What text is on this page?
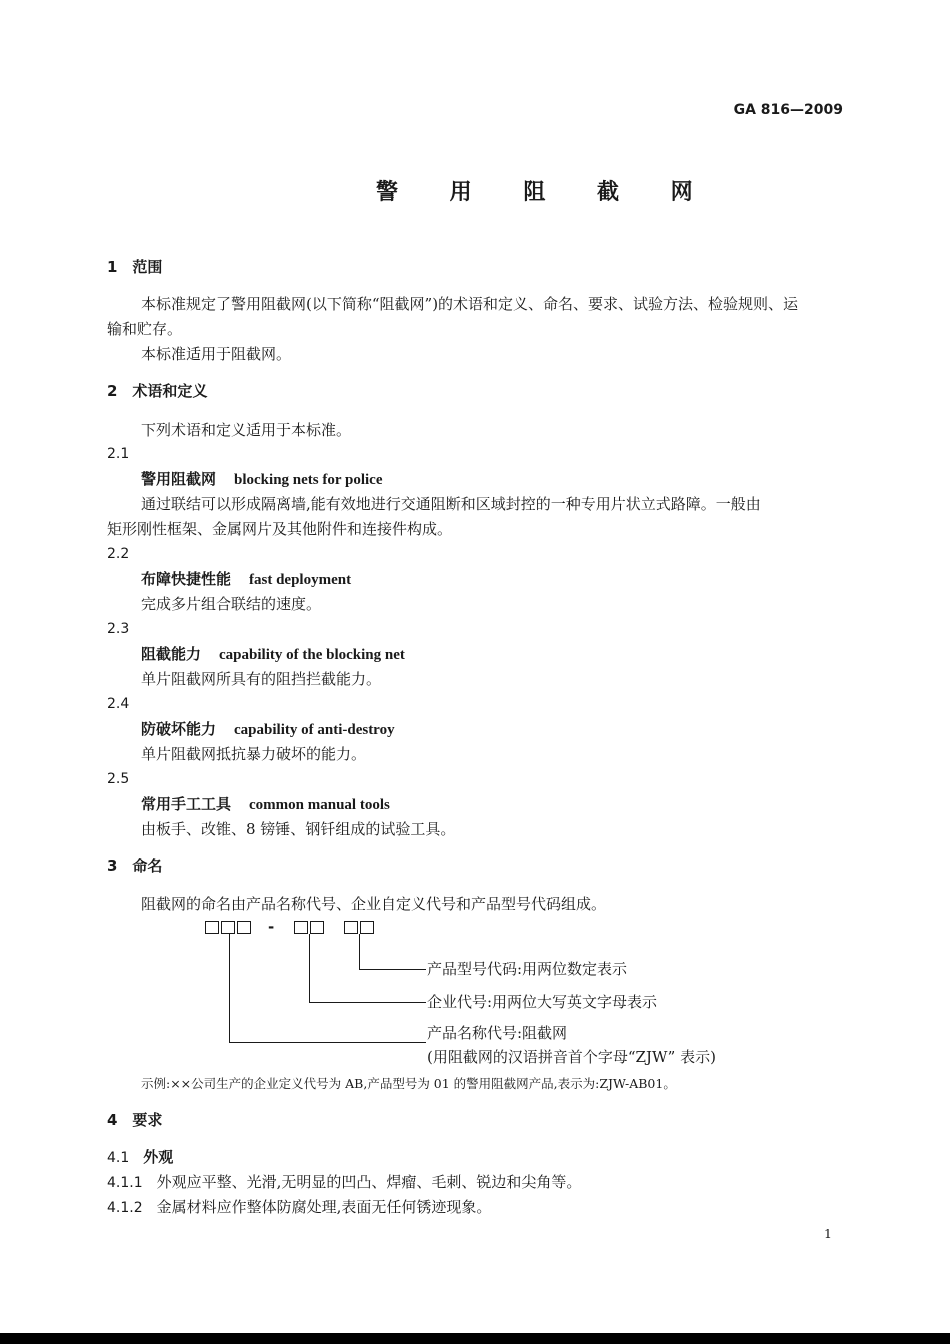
GA 816—2009
警 用 阻 截 网
1　范围
本标准规定了警用阻截网(以下简称“阻截网”)的术语和定义、命名、要求、试验方法、检验规则、运
输和贮存。
本标准适用于阻截网。
2　术语和定义
下列术语和定义适用于本标准。
2.1
警用阻截网 blocking nets for police
通过联结可以形成隔离墙,能有效地进行交通阻断和区域封控的一种专用片状立式路障。一般由
矩形刚性框架、金属网片及其他附件和连接件构成。
2.2
布障快捷性能 fast deployment
完成多片组合联结的速度。
2.3
阻截能力 capability of the blocking net
单片阻截网所具有的阻挡拦截能力。
2.4
防破坏能力 capability of anti-destroy
单片阻截网抵抗暴力破坏的能力。
2.5
常用手工工具 common manual tools
由板手、改锥、8 镑锤、钢钎组成的试验工具。
3　命名
阻截网的命名由产品名称代号、企业自定义代号和产品型号代码组成。
-
产品型号代码:用两位数定表示
企业代号:用两位大写英文字母表示
产品名称代号:阻截网
(用阻截网的汉语拼音首个字母“ZJW” 表示)
示例:××公司生产的企业定义代号为 AB,产品型号为 01 的警用阻截网产品,表示为:ZJW-AB01。
4　要求
4.1 外观
4.1.1 外观应平整、光滑,无明显的凹凸、焊瘤、毛刺、锐边和尖角等。
4.1.2 金属材料应作整体防腐处理,表面无任何锈迹现象。
1
